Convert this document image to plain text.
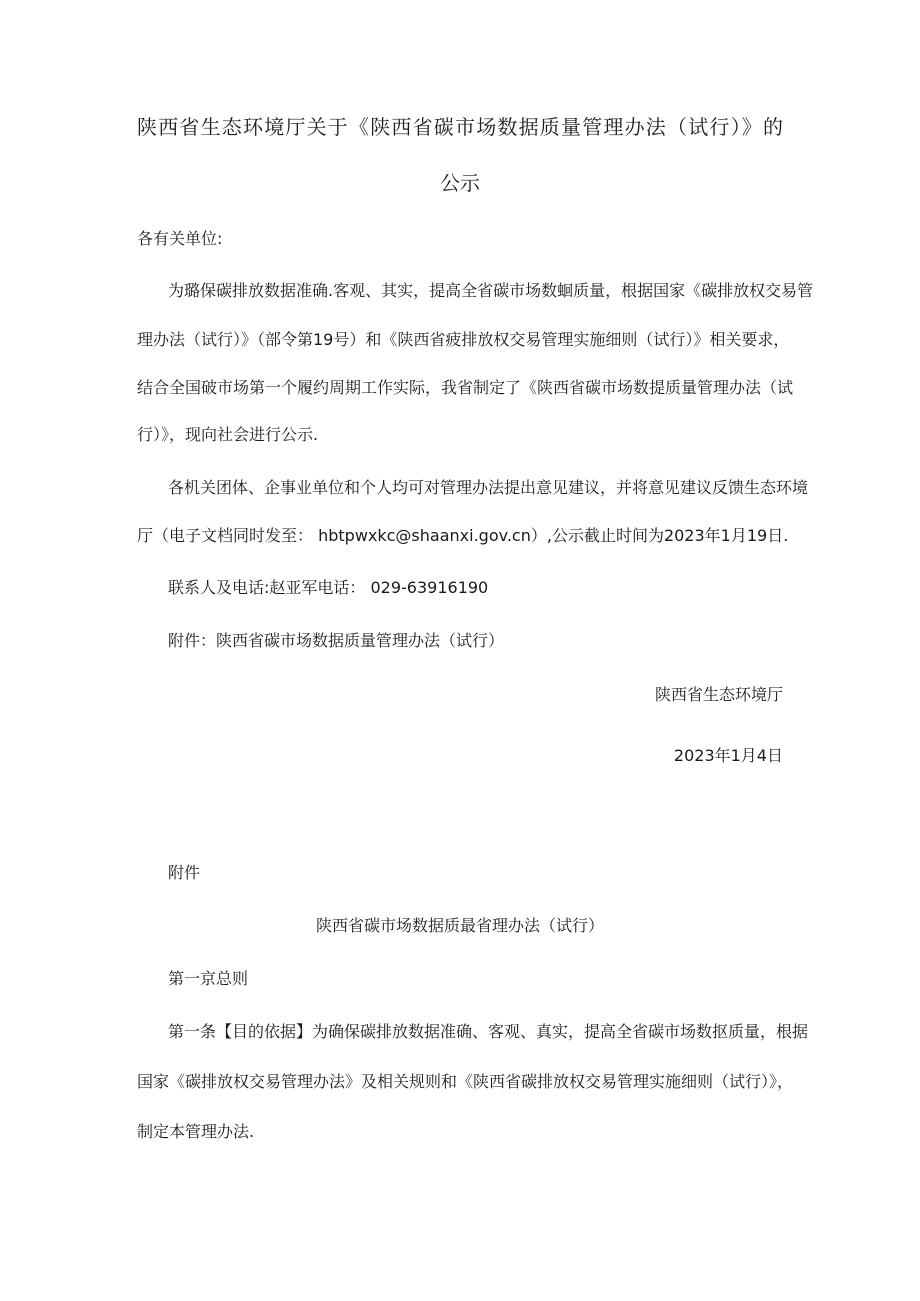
陕西省生态环境厅关于《陕西省碳市场数据质量管理办法（试行）》的
公示
各有关单位:
为璐保碳排放数据准确.客观、其实，提高全省碳市场数蛔质量，根据国家《碳排放权交易管
理办法（试行）》（部令第19号）和《陕西省疲排放权交易管理实施细则（试行）》相关要求，
结合全国破市场第一个履约周期工作实际，我省制定了《陕西省碳市场数提质量管理办法（试
行）》，现向社会进行公示.
各机关团体、企事业单位和个人均可对管理办法提出意见建议，并将意见建议反馈生态环境
厅（电子文档同时发至： hbtpwxkc@shaanxi.gov.cn）,公示截止时间为2023年1月19日.
联系人及电话:赵亚军电话： 029-63916190
附件：陕西省碳市场数据质量管理办法（试行）
陕西省生态环境厅
2023年1月4日
附件
陕西省碳市场数据质最省理办法（试行）
第一京总则
第一条【目的依据】为确保碳排放数据准确、客观、真实，提高全省碳市场数抠质量，根据
国家《碳排放权交易管理办法》及相关规则和《陕西省碳排放权交易管理实施细则（试行）》，
制定本管理办法.
